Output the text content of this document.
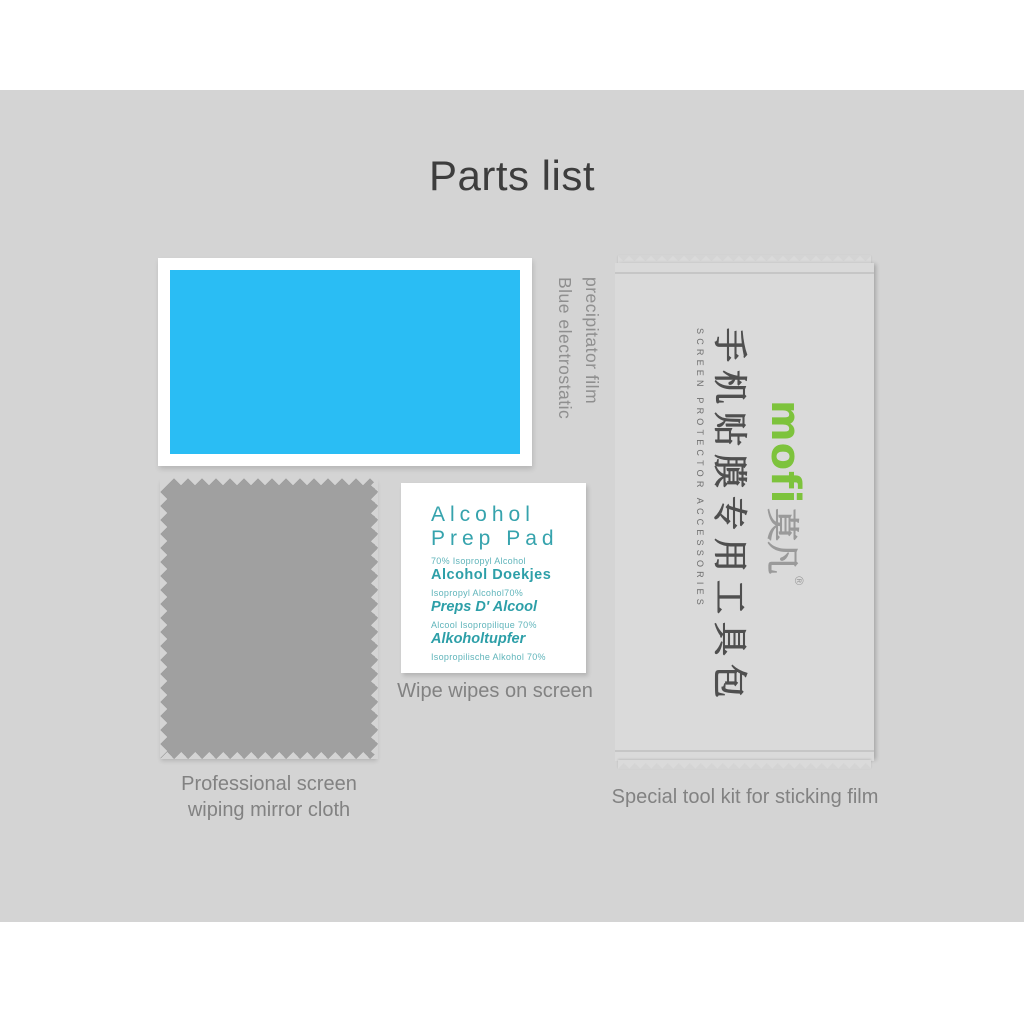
Parts list
Blue electrostatic precipitator film
Professional screen
wiping mirror cloth
Alcohol
Prep Pad
70% Isopropyl Alcohol
Alcohol Doekjes
Isopropyl Alcohol70%
Preps D' Alcool
Alcool Isopropilique 70%
Alkoholtupfer
Isopropilische Alkohol 70%
Wipe wipes on screen
mofi
莫凡
®
手机贴膜专用工具包
SCREEN PROTECTOR ACCESSORIES
Special tool kit for sticking film
